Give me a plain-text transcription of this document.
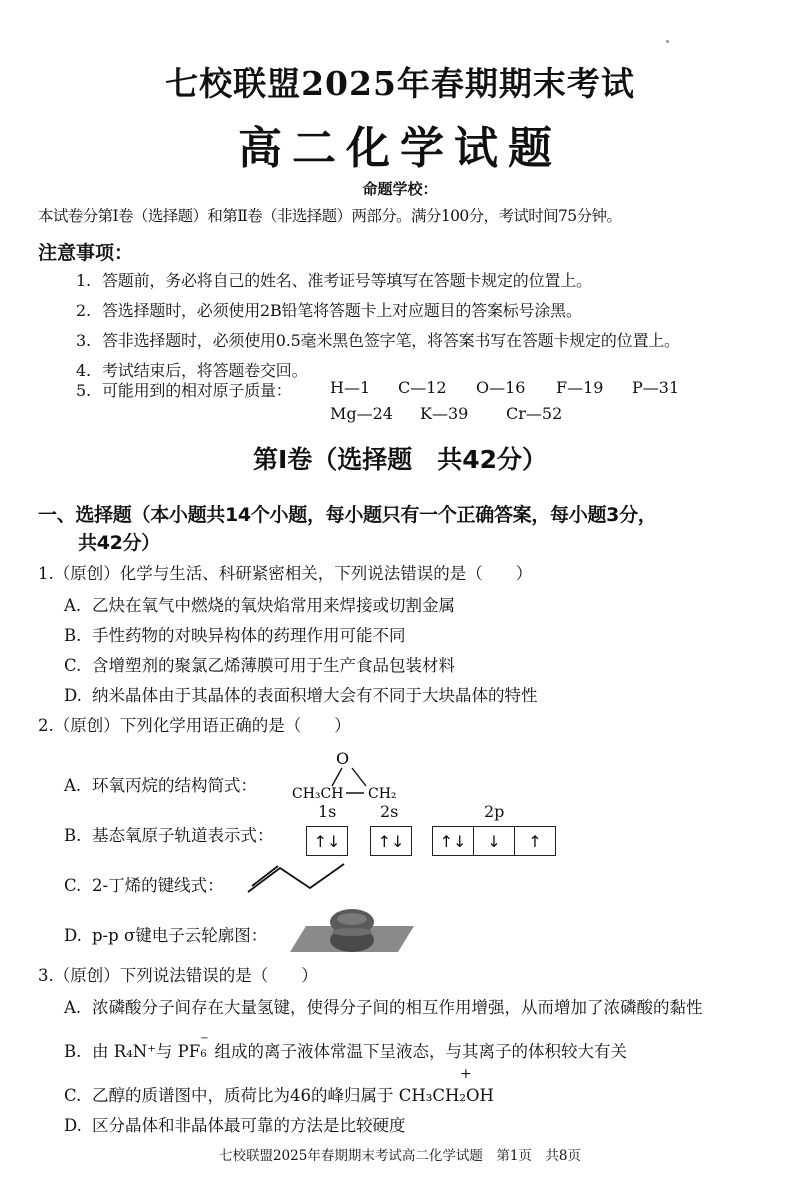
七校联盟2025年春期期末考试
高二化学试题
命题学校：
本试卷分第Ⅰ卷（选择题）和第Ⅱ卷（非选择题）两部分。满分100分，考试时间75分钟。
注意事项：
1. 答题前，务必将自己的姓名、准考证号等填写在答题卡规定的位置上。
2. 答选择题时，必须使用2B铅笔将答题卡上对应题目的答案标号涂黑。
3. 答非选择题时，必须使用0.5毫米黑色签字笔，将答案书写在答题卡规定的位置上。
4. 考试结束后，将答题卷交回。
5. 可能用到的相对原子质量： H—1 C—12 O—16 F—19 P—31
Mg—24 K—39 Cr—52
第Ⅰ卷（选择题　共42分）
一、选择题（本小题共14个小题，每小题只有一个正确答案，每小题3分，
共42分）
1.（原创）化学与生活、科研紧密相关，下列说法错误的是（　　）
A. 乙炔在氧气中燃烧的氧炔焰常用来焊接或切割金属
B. 手性药物的对映异构体的药理作用可能不同
C. 含增塑剂的聚氯乙烯薄膜可用于生产食品包装材料
D. 纳米晶体由于其晶体的表面积增大会有不同于大块晶体的特性
2.（原创）下列化学用语正确的是（　　）
A. 环氧丙烷的结构简式：
O
CH₃CH CH₂
B. 基态氧原子轨道表示式：
1s	2s	2p
↑↓	↑↓	↑↓	↓	↑
C. 2-丁烯的键线式：
D. p-p σ键电子云轮廓图：
3.（原创）下列说法错误的是（　　）
A. 浓磷酸分子间存在大量氢键，使得分子间的相互作用增强，从而增加了浓磷酸的黏性
B. 由 R₄N⁺与 PF
−
6 组成的离子液体常温下呈液态，与其离子的体积较大有关
C. 乙醇的质谱图中，质荷比为46的峰归属于 CH₃CH₂OH
+
D. 区分晶体和非晶体最可靠的方法是比较硬度
七校联盟2025年春期期末考试高二化学试题　第1页　共8页
